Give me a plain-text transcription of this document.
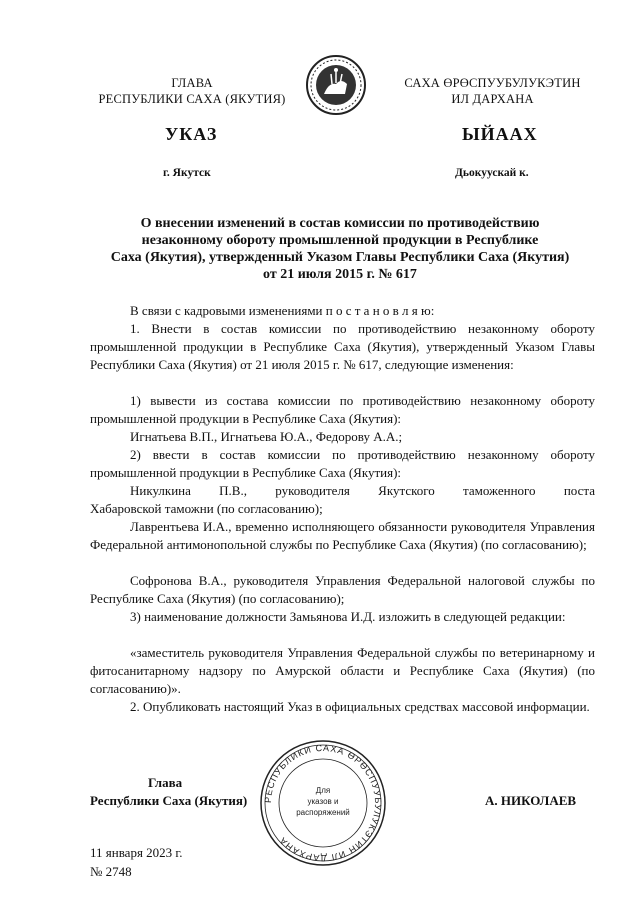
ГЛАВА
РЕСПУБЛИКИ САХА (ЯКУТИЯ)
САХА ӨРӨСПУУБУЛУКЭТИН
ИЛ ДАРХАНА
УКАЗ	ЫЙААХ
г. Якутск	Дьокуускай к.
О внесении изменений в состав комиссии по противодействию
незаконному обороту промышленной продукции в Республике
Саха (Якутия), утвержденный Указом Главы Республики Саха (Якутия)
от 21 июля 2015 г. № 617
В связи с кадровыми изменениями п о с т а н о в л я ю:
1. Внести в состав комиссии по противодействию незаконному обороту промышленной продукции в Республике Саха (Якутия), утвержденный Указом Главы Республики Саха (Якутия) от 21 июля 2015 г. № 617, следующие изменения:
1) вывести из состава комиссии по противодействию незаконному обороту промышленной продукции в Республике Саха (Якутия):
Игнатьева В.П., Игнатьева Ю.А., Федорову А.А.;
2) ввести в состав комиссии по противодействию незаконному обороту промышленной продукции в Республике Саха (Якутия):
Никулкина П.В., руководителя Якутского таможенного поста
Хабаровской таможни (по согласованию);
Лаврентьева И.А., временно исполняющего обязанности руководителя Управления Федеральной антимонопольной службы по Республике Саха (Якутия) (по согласованию);
Софронова В.А., руководителя Управления Федеральной налоговой службы по Республике Саха (Якутия) (по согласованию);
3) наименование должности Замьянова И.Д. изложить в следующей редакции:
«заместитель руководителя Управления Федеральной службы по ветеринарному и фитосанитарному надзору по Амурской области и Республике Саха (Якутия) (по согласованию)».
2. Опубликовать настоящий Указ в официальных средствах массовой информации.
Глава
Республики Саха (Якутия)	А. НИКОЛАЕВ
РЕСПУБЛИКИ САХА ӨРӨСПУУБУЛУКЭТИН ИЛ ДАРХАНА
Для
указов и
распоряжений
11 января 2023 г.
№ 2748
